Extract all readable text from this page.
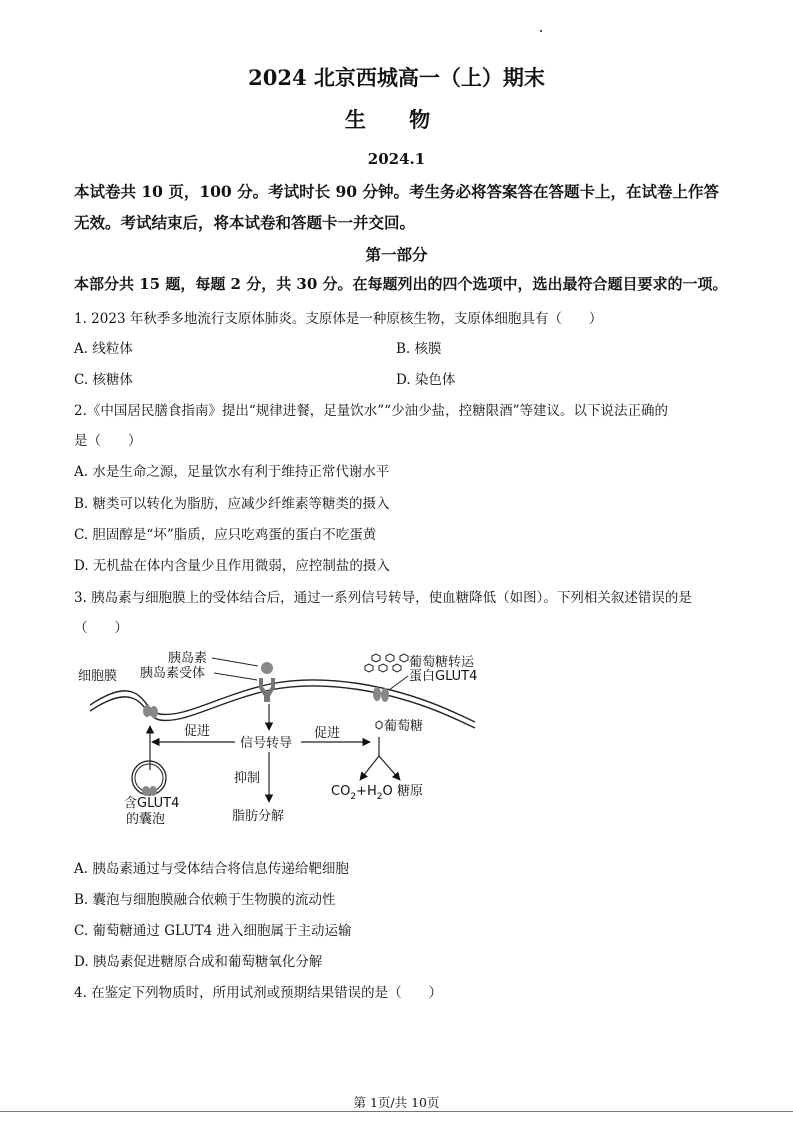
2024 北京西城高一（上）期末
生 物
2024.1
本试卷共 10 页，100 分。考试时长 90 分钟。考生务必将答案答在答题卡上，在试卷上作答
无效。考试结束后，将本试卷和答题卡一并交回。
第一部分
本部分共 15 题，每题 2 分，共 30 分。在每题列出的四个选项中，选出最符合题目要求的一项。
1. 2023 年秋季多地流行支原体肺炎。支原体是一种原核生物，支原体细胞具有（　　）
A. 线粒体	B. 核膜
C. 核糖体	D. 染色体
2.《中国居民膳食指南》提出“规律进餐，足量饮水”“少油少盐，控糖限酒”等建议。以下说法正确的
是（　　）
A. 水是生命之源，足量饮水有利于维持正常代谢水平
B. 糖类可以转化为脂肪，应减少纤维素等糖类的摄入
C. 胆固醇是“坏”脂质，应只吃鸡蛋的蛋白不吃蛋黄
D. 无机盐在体内含量少且作用微弱，应控制盐的摄入
3. 胰岛素与细胞膜上的受体结合后，通过一系列信号转导，使血糖降低（如图）。下列相关叙述错误的是
（　　）
细胞膜
胰岛素
胰岛素受体
葡萄糖转运
蛋白GLUT4
葡萄糖
促进
信号转导
促进
抑制
脂肪分解
含GLUT4
的囊泡
$CO_2+H_2O$ 糖原
A. 胰岛素通过与受体结合将信息传递给靶细胞
B. 囊泡与细胞膜融合依赖于生物膜的流动性
C. 葡萄糖通过 GLUT4 进入细胞属于主动运输
D. 胰岛素促进糖原合成和葡萄糖氧化分解
4. 在鉴定下列物质时，所用试剂或预期结果错误的是（　　）
第 1页/共 10页
